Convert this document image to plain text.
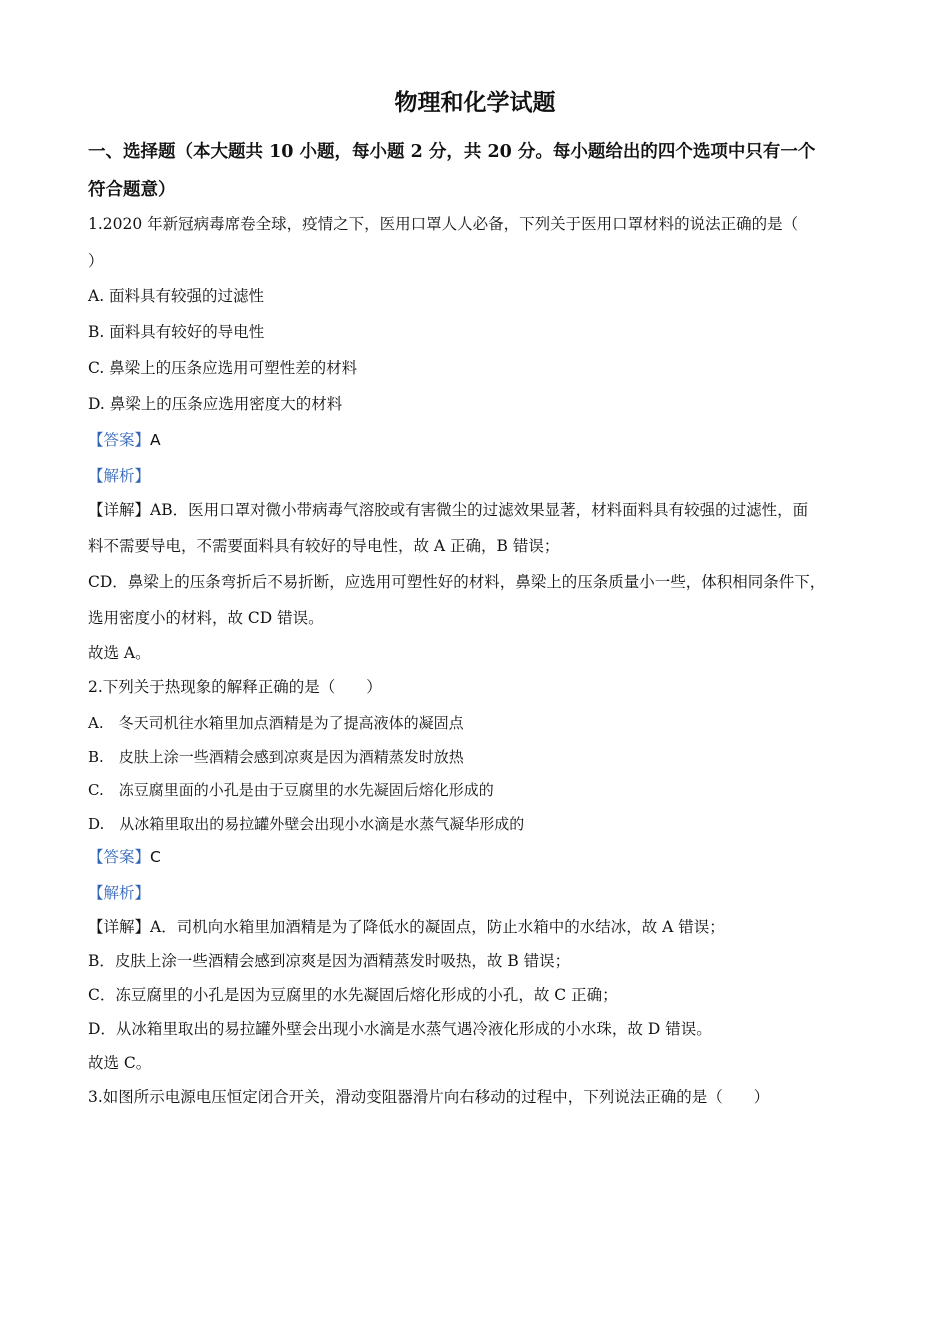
物理和化学试题
一、选择题（本大题共 10 小题，每小题 2 分，共 20 分。每小题给出的四个选项中只有一个
符合题意）
1.2020 年新冠病毒席卷全球，疫情之下，医用口罩人人必备，下列关于医用口罩材料的说法正确的是（
）
A. 面料具有较强的过滤性
B. 面料具有较好的导电性
C. 鼻梁上的压条应选用可塑性差的材料
D. 鼻梁上的压条应选用密度大的材料
【答案】A
【解析】
【详解】AB．医用口罩对微小带病毒气溶胶或有害微尘的过滤效果显著，材料面料具有较强的过滤性，面
料不需要导电，不需要面料具有较好的导电性，故 A 正确，B 错误；
CD．鼻梁上的压条弯折后不易折断，应选用可塑性好的材料，鼻梁上的压条质量小一些，体积相同条件下，
选用密度小的材料，故 CD 错误。
故选 A。
2.下列关于热现象的解释正确的是（　　）
A.　冬天司机往水箱里加点酒精是为了提高液体的凝固点
B.　皮肤上涂一些酒精会感到凉爽是因为酒精蒸发时放热
C.　冻豆腐里面的小孔是由于豆腐里的水先凝固后熔化形成的
D.　从冰箱里取出的易拉罐外壁会出现小水滴是水蒸气凝华形成的
【答案】C
【解析】
【详解】A．司机向水箱里加酒精是为了降低水的凝固点，防止水箱中的水结冰，故 A 错误；
B．皮肤上涂一些酒精会感到凉爽是因为酒精蒸发时吸热，故 B 错误；
C．冻豆腐里的小孔是因为豆腐里的水先凝固后熔化形成的小孔，故 C 正确；
D．从冰箱里取出的易拉罐外壁会出现小水滴是水蒸气遇冷液化形成的小水珠，故 D 错误。
故选 C。
3.如图所示电源电压恒定闭合开关，滑动变阻器滑片向右移动的过程中，下列说法正确的是（　　）
